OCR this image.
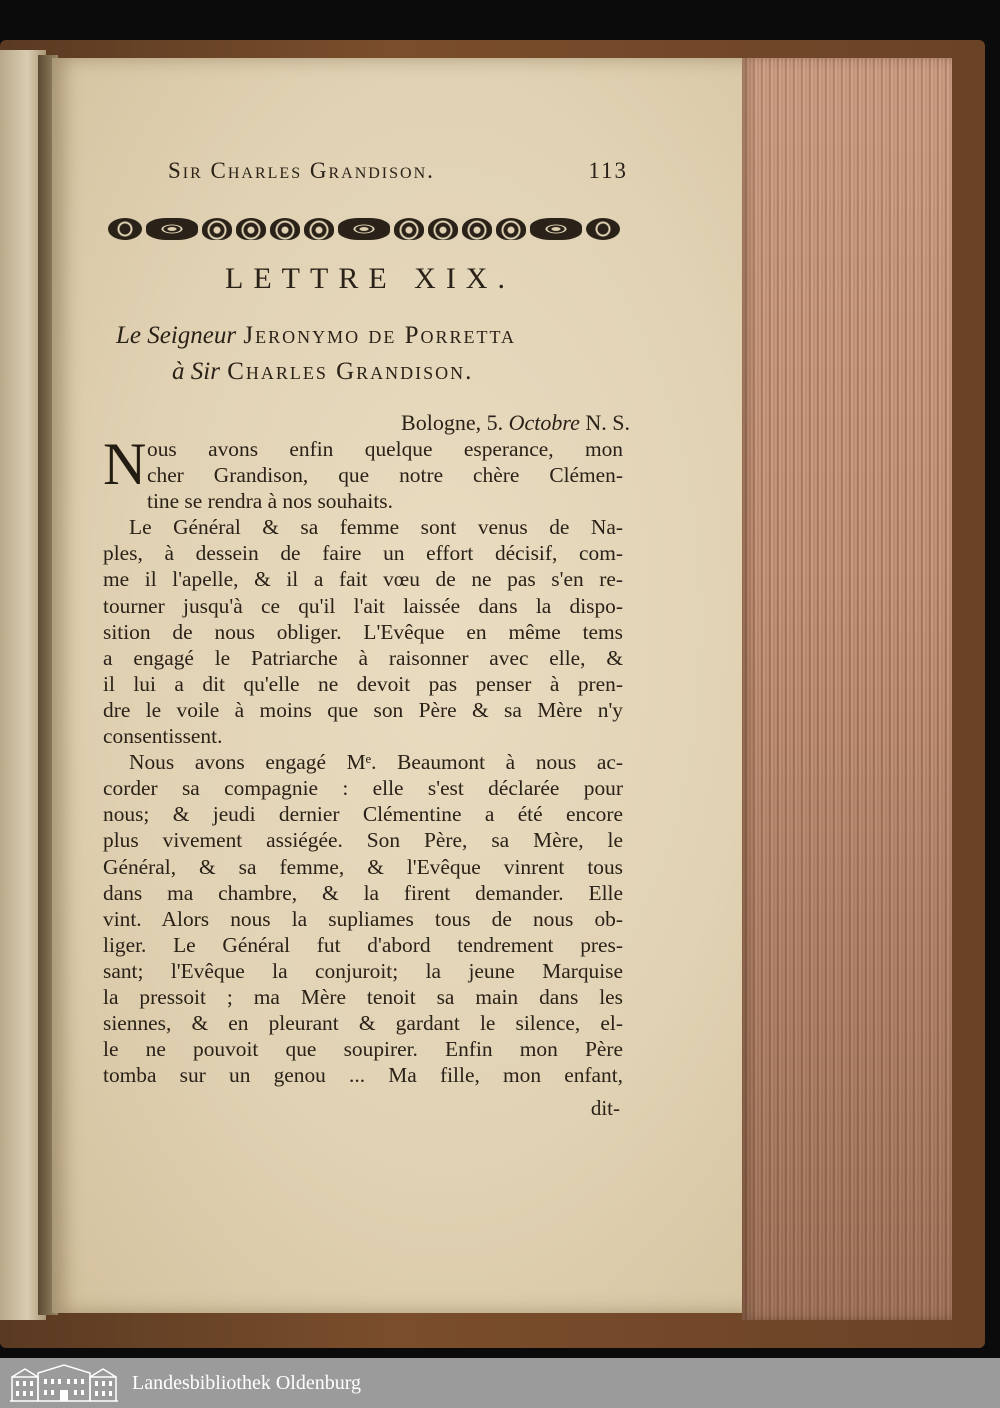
Sir Charles Grandison.	113
LETTRE XIX.
Le Seigneur Jeronymo de Porretta
à Sir Charles Grandison.
Bologne, 5. Octobre N. S.
N ous avons enfin quelque esperance, mon
cher Grandison, que notre chère Clémen-
tine se rendra à nos souhaits.
Le Général & sa femme sont venus de Na-
ples, à dessein de faire un effort décisif, com-
me il l'apelle, & il a fait vœu de ne pas s'en re-
tourner jusqu'à ce qu'il l'ait laissée dans la dispo-
sition de nous obliger. L'Evêque en même tems
a engagé le Patriarche à raisonner avec elle, &
il lui a dit qu'elle ne devoit pas penser à pren-
dre le voile à moins que son Père & sa Mère n'y
consentissent.
Nous avons engagé Mᵉ. Beaumont à nous ac-
corder sa compagnie : elle s'est déclarée pour
nous; & jeudi dernier Clémentine a été encore
plus vivement assiégée. Son Père, sa Mère, le
Général, & sa femme, & l'Evêque vinrent tous
dans ma chambre, & la firent demander. Elle
vint. Alors nous la supliames tous de nous ob-
liger. Le Général fut d'abord tendrement pres-
sant; l'Evêque la conjuroit; la jeune Marquise
la pressoit ; ma Mère tenoit sa main dans les
siennes, & en pleurant & gardant le silence, el-
le ne pouvoit que soupirer. Enfin mon Père
tomba sur un genou ... Ma fille, mon enfant,
dit-
Landesbibliothek Oldenburg
